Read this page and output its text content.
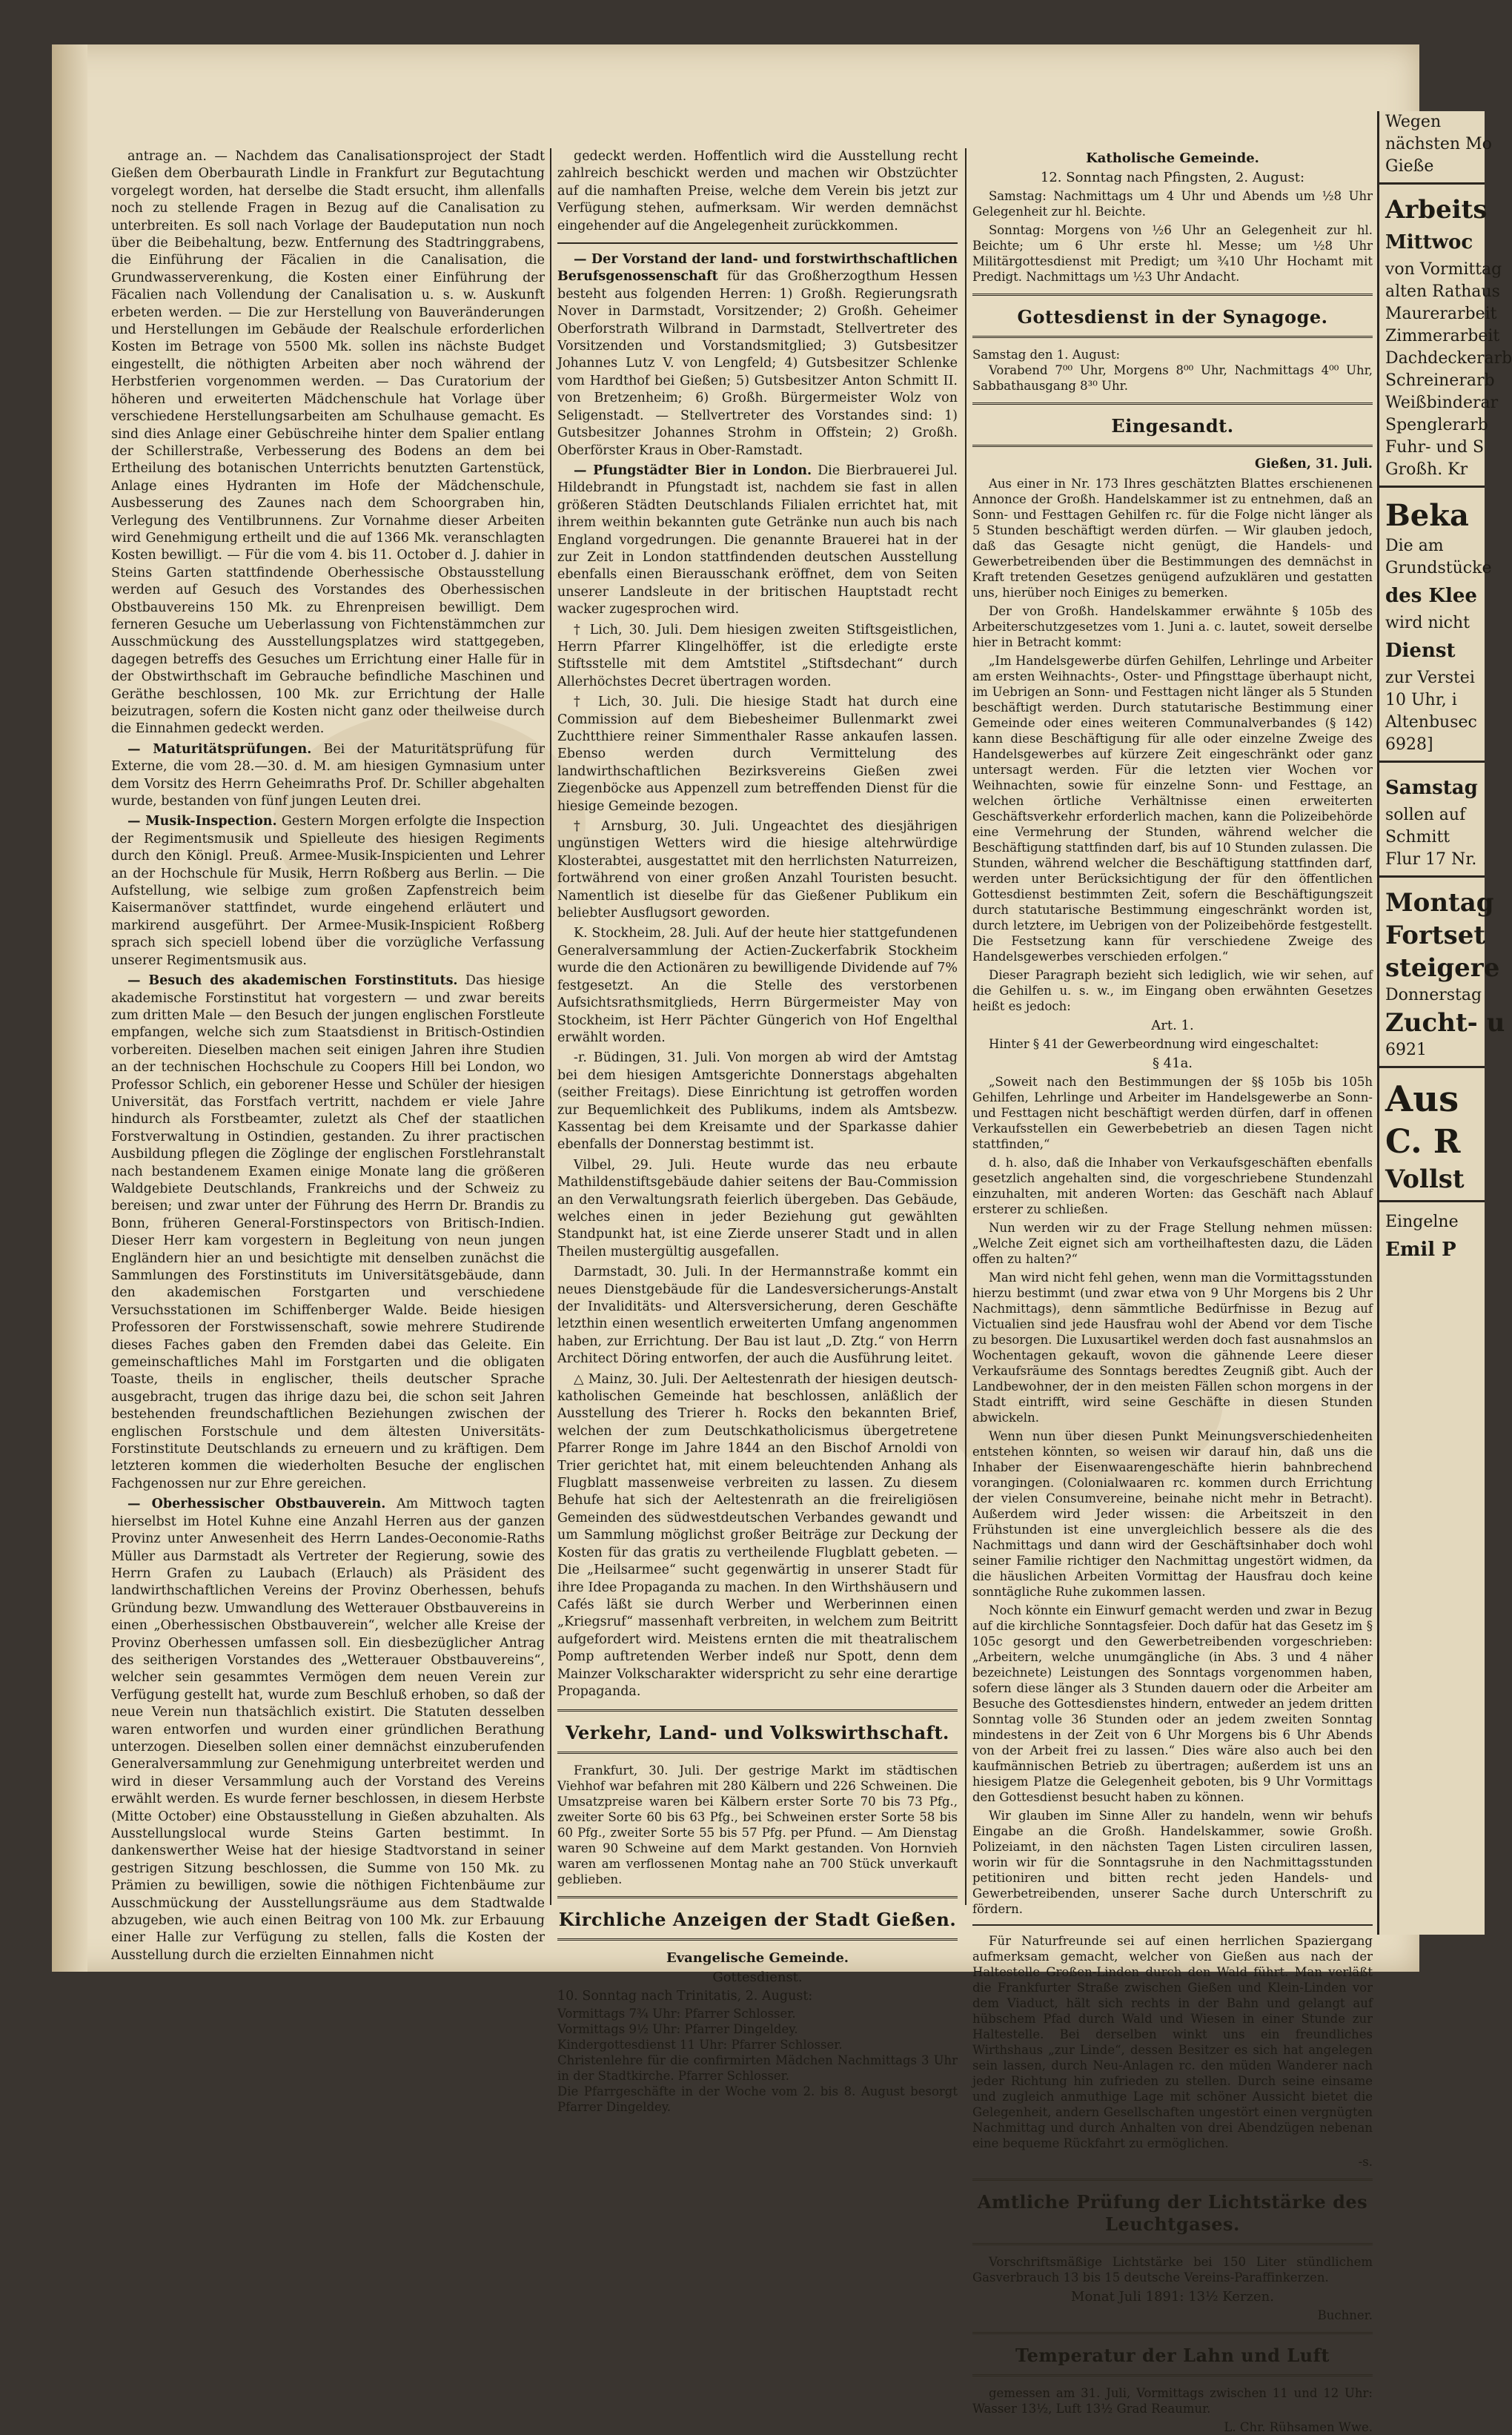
antrage an. — Nachdem das Canalisationsproject der Stadt Gießen dem Oberbaurath Lindle in Frankfurt zur Begutachtung vorgelegt worden, hat derselbe die Stadt ersucht, ihm allenfalls noch zu stellende Fragen in Bezug auf die Canalisation zu unterbreiten. Es soll nach Vorlage der Baudeputation nun noch über die Beibehaltung, bezw. Entfernung des Stadtringgrabens, die Einführung der Fäcalien in die Canalisation, die Grundwasserverenkung, die Kosten einer Einführung der Fäcalien nach Vollendung der Canalisation u. s. w. Auskunft erbeten werden. — Die zur Herstellung von Bauveränderungen und Herstellungen im Gebäude der Realschule erforderlichen Kosten im Betrage von 5500 Mk. sollen ins nächste Budget eingestellt, die nöthigten Arbeiten aber noch während der Herbstferien vorgenommen werden. — Das Curatorium der höheren und erweiterten Mädchenschule hat Vorlage über verschiedene Herstellungsarbeiten am Schulhause gemacht. Es sind dies Anlage einer Gebüschreihe hinter dem Spalier entlang der Schillerstraße, Verbesserung des Bodens an dem bei Ertheilung des botanischen Unterrichts benutzten Gartenstück, Anlage eines Hydranten im Hofe der Mädchenschule, Ausbesserung des Zaunes nach dem Schoorgraben hin, Verlegung des Ventilbrunnens. Zur Vornahme dieser Arbeiten wird Genehmigung ertheilt und die auf 1366 Mk. veranschlagten Kosten bewilligt. — Für die vom 4. bis 11. October d. J. dahier in Steins Garten stattfindende Oberhessische Obstausstellung werden auf Gesuch des Vorstandes des Oberhessischen Obstbauvereins 150 Mk. zu Ehrenpreisen bewilligt. Dem ferneren Gesuche um Ueberlassung von Fichtenstämmchen zur Ausschmückung des Ausstellungsplatzes wird stattgegeben, dagegen betreffs des Gesuches um Errichtung einer Halle für in der Obstwirthschaft im Gebrauche befindliche Maschinen und Geräthe beschlossen, 100 Mk. zur Errichtung der Halle beizutragen, sofern die Kosten nicht ganz oder theilweise durch die Einnahmen gedeckt werden.

— Maturitätsprüfungen. Bei der Maturitätsprüfung für Externe, die vom 28.—30. d. M. am hiesigen Gymnasium unter dem Vorsitz des Herrn Geheimraths Prof. Dr. Schiller abgehalten wurde, bestanden von fünf jungen Leuten drei.

— Musik-Inspection. Gestern Morgen erfolgte die Inspection der Regimentsmusik und Spielleute des hiesigen Regiments durch den Königl. Preuß. Armee-Musik-Inspicienten und Lehrer an der Hochschule für Musik, Herrn Roßberg aus Berlin. — Die Aufstellung, wie selbige zum großen Zapfenstreich beim Kaisermanöver stattfindet, wurde eingehend erläutert und markirend ausgeführt. Der Armee-Musik-Inspicient Roßberg sprach sich speciell lobend über die vorzügliche Verfassung unserer Regimentsmusik aus.

— Besuch des akademischen Forstinstituts. Das hiesige akademische Forstinstitut hat vorgestern — und zwar bereits zum dritten Male — den Besuch der jungen englischen Forstleute empfangen, welche sich zum Staatsdienst in Britisch-Ostindien vorbereiten. Dieselben machen seit einigen Jahren ihre Studien an der technischen Hochschule zu Coopers Hill bei London, wo Professor Schlich, ein geborener Hesse und Schüler der hiesigen Universität, das Forstfach vertritt, nachdem er viele Jahre hindurch als Forstbeamter, zuletzt als Chef der staatlichen Forstverwaltung in Ostindien, gestanden. Zu ihrer practischen Ausbildung pflegen die Zöglinge der englischen Forstlehranstalt nach bestandenem Examen einige Monate lang die größeren Waldgebiete Deutschlands, Frankreichs und der Schweiz zu bereisen; und zwar unter der Führung des Herrn Dr. Brandis zu Bonn, früheren General-Forstinspectors von Britisch-Indien. Dieser Herr kam vorgestern in Begleitung von neun jungen Engländern hier an und besichtigte mit denselben zunächst die Sammlungen des Forstinstituts im Universitätsgebäude, dann den akademischen Forstgarten und verschiedene Versuchsstationen im Schiffenberger Walde. Beide hiesigen Professoren der Forstwissenschaft, sowie mehrere Studirende dieses Faches gaben den Fremden dabei das Geleite. Ein gemeinschaftliches Mahl im Forstgarten und die obligaten Toaste, theils in englischer, theils deutscher Sprache ausgebracht, trugen das ihrige dazu bei, die schon seit Jahren bestehenden freundschaftlichen Beziehungen zwischen der englischen Forstschule und dem ältesten Universitäts-Forstinstitute Deutschlands zu erneuern und zu kräftigen. Dem letzteren kommen die wiederholten Besuche der englischen Fachgenossen nur zur Ehre gereichen.

— Oberhessischer Obstbauverein. Am Mittwoch tagten hierselbst im Hotel Kuhne eine Anzahl Herren aus der ganzen Provinz unter Anwesenheit des Herrn Landes-Oeconomie-Raths Müller aus Darmstadt als Vertreter der Regierung, sowie des Herrn Grafen zu Laubach (Erlauch) als Präsident des landwirthschaftlichen Vereins der Provinz Oberhessen, behufs Gründung bezw. Umwandlung des Wetterauer Obstbauvereins in einen „Oberhessischen Obstbauverein“, welcher alle Kreise der Provinz Oberhessen umfassen soll. Ein diesbezüglicher Antrag des seitherigen Vorstandes des „Wetterauer Obstbauvereins“, welcher sein gesammtes Vermögen dem neuen Verein zur Verfügung gestellt hat, wurde zum Beschluß erhoben, so daß der neue Verein nun thatsächlich existirt. Die Statuten desselben waren entworfen und wurden einer gründlichen Berathung unterzogen. Dieselben sollen einer demnächst einzuberufenden Generalversammlung zur Genehmigung unterbreitet werden und wird in dieser Versammlung auch der Vorstand des Vereins erwählt werden. Es wurde ferner beschlossen, in diesem Herbste (Mitte October) eine Obstausstellung in Gießen abzuhalten. Als Ausstellungslocal wurde Steins Garten bestimmt. In dankenswerther Weise hat der hiesige Stadtvorstand in seiner gestrigen Sitzung beschlossen, die Summe von 150 Mk. zu Prämien zu bewilligen, sowie die nöthigen Fichtenbäume zur Ausschmückung der Ausstellungsräume aus dem Stadtwalde abzugeben, wie auch einen Beitrag von 100 Mk. zur Erbauung einer Halle zur Verfügung zu stellen, falls die Kosten der Ausstellung durch die erzielten Einnahmen nicht

gedeckt werden. Hoffentlich wird die Ausstellung recht zahlreich beschickt werden und machen wir Obstzüchter auf die namhaften Preise, welche dem Verein bis jetzt zur Verfügung stehen, aufmerksam. Wir werden demnächst eingehender auf die Angelegenheit zurückkommen.

— Der Vorstand der land- und forstwirthschaftlichen Berufsgenossenschaft für das Großherzogthum Hessen besteht aus folgenden Herren: 1) Großh. Regierungsrath Nover in Darmstadt, Vorsitzender; 2) Großh. Geheimer Oberforstrath Wilbrand in Darmstadt, Stellvertreter des Vorsitzenden und Vorstandsmitglied; 3) Gutsbesitzer Johannes Lutz V. von Lengfeld; 4) Gutsbesitzer Schlenke vom Hardthof bei Gießen; 5) Gutsbesitzer Anton Schmitt II. von Bretzenheim; 6) Großh. Bürgermeister Wolz von Seligenstadt. — Stellvertreter des Vorstandes sind: 1) Gutsbesitzer Johannes Strohm in Offstein; 2) Großh. Oberförster Kraus in Ober-Ramstadt.

— Pfungstädter Bier in London. Die Bierbrauerei Jul. Hildebrandt in Pfungstadt ist, nachdem sie fast in allen größeren Städten Deutschlands Filialen errichtet hat, mit ihrem weithin bekannten gute Getränke nun auch bis nach England vorgedrungen. Die genannte Brauerei hat in der zur Zeit in London stattfindenden deutschen Ausstellung ebenfalls einen Bierausschank eröffnet, dem von Seiten unserer Landsleute in der britischen Hauptstadt recht wacker zugesprochen wird.

† Lich, 30. Juli. Dem hiesigen zweiten Stiftsgeistlichen, Herrn Pfarrer Klingelhöffer, ist die erledigte erste Stiftsstelle mit dem Amtstitel „Stiftsdechant“ durch Allerhöchstes Decret übertragen worden.

† Lich, 30. Juli. Die hiesige Stadt hat durch eine Commission auf dem Biebesheimer Bullenmarkt zwei Zuchtthiere reiner Simmenthaler Rasse ankaufen lassen. Ebenso werden durch Vermittelung des landwirthschaftlichen Bezirksvereins Gießen zwei Ziegenböcke aus Appenzell zum betreffenden Dienst für die hiesige Gemeinde bezogen.

† Arnsburg, 30. Juli. Ungeachtet des diesjährigen ungünstigen Wetters wird die hiesige altehrwürdige Klosterabtei, ausgestattet mit den herrlichsten Naturreizen, fortwährend von einer großen Anzahl Touristen besucht. Namentlich ist dieselbe für das Gießener Publikum ein beliebter Ausflugsort geworden.

K. Stockheim, 28. Juli. Auf der heute hier stattgefundenen Generalversammlung der Actien-Zuckerfabrik Stockheim wurde die den Actionären zu bewilligende Dividende auf 7% festgesetzt. An die Stelle des verstorbenen Aufsichtsrathsmitglieds, Herrn Bürgermeister May von Stockheim, ist Herr Pächter Güngerich von Hof Engelthal erwählt worden.

-r. Büdingen, 31. Juli. Von morgen ab wird der Amtstag bei dem hiesigen Amtsgerichte Donnerstags abgehalten (seither Freitags). Diese Einrichtung ist getroffen worden zur Bequemlichkeit des Publikums, indem als Amtsbezw. Kassentag bei dem Kreisamte und der Sparkasse dahier ebenfalls der Donnerstag bestimmt ist.

Vilbel, 29. Juli. Heute wurde das neu erbaute Mathildenstiftsgebäude dahier seitens der Bau-Commission an den Verwaltungsrath feierlich übergeben. Das Gebäude, welches einen in jeder Beziehung gut gewählten Standpunkt hat, ist eine Zierde unserer Stadt und in allen Theilen mustergültig ausgefallen.

Darmstadt, 30. Juli. In der Hermannstraße kommt ein neues Dienstgebäude für die Landesversicherungs-Anstalt der Invaliditäts- und Altersversicherung, deren Geschäfte letzthin einen wesentlich erweiterten Umfang angenommen haben, zur Errichtung. Der Bau ist laut „D. Ztg.“ von Herrn Architect Döring entworfen, der auch die Ausführung leitet.

△ Mainz, 30. Juli. Der Aeltestenrath der hiesigen deutsch-katholischen Gemeinde hat beschlossen, anläßlich der Ausstellung des Trierer h. Rocks den bekannten Brief, welchen der zum Deutschkatholicismus übergetretene Pfarrer Ronge im Jahre 1844 an den Bischof Arnoldi von Trier gerichtet hat, mit einem beleuchtenden Anhang als Flugblatt massenweise verbreiten zu lassen. Zu diesem Behufe hat sich der Aeltestenrath an die freireligiösen Gemeinden des südwestdeutschen Verbandes gewandt und um Sammlung möglichst großer Beiträge zur Deckung der Kosten für das gratis zu vertheilende Flugblatt gebeten. — Die „Heilsarmee“ sucht gegenwärtig in unserer Stadt für ihre Idee Propaganda zu machen. In den Wirthshäusern und Cafés läßt sie durch Werber und Werberinnen einen „Kriegsruf“ massenhaft verbreiten, in welchem zum Beitritt aufgefordert wird. Meistens ernten die mit theatralischem Pomp auftretenden Werber indeß nur Spott, denn dem Mainzer Volkscharakter widerspricht zu sehr eine derartige Propaganda.

Verkehr, Land- und Volkswirthschaft.

Frankfurt, 30. Juli. Der gestrige Markt im städtischen Viehhof war befahren mit 280 Kälbern und 226 Schweinen. Die Umsatzpreise waren bei Kälbern erster Sorte 70 bis 73 Pfg., zweiter Sorte 60 bis 63 Pfg., bei Schweinen erster Sorte 58 bis 60 Pfg., zweiter Sorte 55 bis 57 Pfg. per Pfund. — Am Dienstag waren 90 Schweine auf dem Markt gestanden. Von Hornvieh waren am verflossenen Montag nahe an 700 Stück unverkauft geblieben.

Kirchliche Anzeigen der Stadt Gießen.
Evangelische Gemeinde.
Gottesdienst.

10. Sonntag nach Trinitatis, 2. August:

Vormittags 7¾ Uhr: Pfarrer Schlosser.

Vormittags 9½ Uhr: Pfarrer Dingeldey.

Kindergottesdienst 11 Uhr: Pfarrer Schlosser.

Christenlehre für die confirmirten Mädchen Nachmittags 3 Uhr in der Stadtkirche. Pfarrer Schlosser.

Die Pfarrgeschäfte in der Woche vom 2. bis 8. August besorgt Pfarrer Dingeldey.

Katholische Gemeinde.
12. Sonntag nach Pfingsten, 2. August:

Samstag: Nachmittags um 4 Uhr und Abends um ½8 Uhr Gelegenheit zur hl. Beichte.

Sonntag: Morgens von ½6 Uhr an Gelegenheit zur hl. Beichte; um 6 Uhr erste hl. Messe; um ½8 Uhr Militärgottesdienst mit Predigt; um ¾10 Uhr Hochamt mit Predigt. Nachmittags um ½3 Uhr Andacht.

Gottesdienst in der Synagoge.

Samstag den 1. August:

Vorabend 7⁰⁰ Uhr, Morgens 8⁰⁰ Uhr, Nachmittags 4⁰⁰ Uhr, Sabbathausgang 8³⁰ Uhr.

Eingesandt.

Gießen, 31. Juli.

Aus einer in Nr. 173 Ihres geschätzten Blattes erschienenen Annonce der Großh. Handelskammer ist zu entnehmen, daß an Sonn- und Festtagen Gehilfen rc. für die Folge nicht länger als 5 Stunden beschäftigt werden dürfen. — Wir glauben jedoch, daß das Gesagte nicht genügt, die Handels- und Gewerbetreibenden über die Bestimmungen des demnächst in Kraft tretenden Gesetzes genügend aufzuklären und gestatten uns, hierüber noch Einiges zu bemerken.

Der von Großh. Handelskammer erwähnte § 105b des Arbeiterschutzgesetzes vom 1. Juni a. c. lautet, soweit derselbe hier in Betracht kommt:

„Im Handelsgewerbe dürfen Gehilfen, Lehrlinge und Arbeiter am ersten Weihnachts-, Oster- und Pfingsttage überhaupt nicht, im Uebrigen an Sonn- und Festtagen nicht länger als 5 Stunden beschäftigt werden. Durch statutarische Bestimmung einer Gemeinde oder eines weiteren Communalverbandes (§ 142) kann diese Beschäftigung für alle oder einzelne Zweige des Handelsgewerbes auf kürzere Zeit eingeschränkt oder ganz untersagt werden. Für die letzten vier Wochen vor Weihnachten, sowie für einzelne Sonn- und Festtage, an welchen örtliche Verhältnisse einen erweiterten Geschäftsverkehr erforderlich machen, kann die Polizeibehörde eine Vermehrung der Stunden, während welcher die Beschäftigung stattfinden darf, bis auf 10 Stunden zulassen. Die Stunden, während welcher die Beschäftigung stattfinden darf, werden unter Berücksichtigung der für den öffentlichen Gottesdienst bestimmten Zeit, sofern die Beschäftigungszeit durch statutarische Bestimmung eingeschränkt worden ist, durch letztere, im Uebrigen von der Polizeibehörde festgestellt. Die Festsetzung kann für verschiedene Zweige des Handelsgewerbes verschieden erfolgen.“

Dieser Paragraph bezieht sich lediglich, wie wir sehen, auf die Gehilfen u. s. w., im Eingang oben erwähnten Gesetzes heißt es jedoch:

Art. 1.

Hinter § 41 der Gewerbeordnung wird eingeschaltet:

§ 41a.

„Soweit nach den Bestimmungen der §§ 105b bis 105h Gehilfen, Lehrlinge und Arbeiter im Handelsgewerbe an Sonn- und Festtagen nicht beschäftigt werden dürfen, darf in offenen Verkaufsstellen ein Gewerbebetrieb an diesen Tagen nicht stattfinden,“

d. h. also, daß die Inhaber von Verkaufsgeschäften ebenfalls gesetzlich angehalten sind, die vorgeschriebene Stundenzahl einzuhalten, mit anderen Worten: das Geschäft nach Ablauf ersterer zu schließen.

Nun werden wir zu der Frage Stellung nehmen müssen: „Welche Zeit eignet sich am vortheilhaftesten dazu, die Läden offen zu halten?“

Man wird nicht fehl gehen, wenn man die Vormittagsstunden hierzu bestimmt (und zwar etwa von 9 Uhr Morgens bis 2 Uhr Nachmittags), denn sämmtliche Bedürfnisse in Bezug auf Victualien sind jede Hausfrau wohl der Abend vor dem Tische zu besorgen. Die Luxusartikel werden doch fast ausnahmslos an Wochentagen gekauft, wovon die gähnende Leere dieser Verkaufsräume des Sonntags beredtes Zeugniß gibt. Auch der Landbewohner, der in den meisten Fällen schon morgens in der Stadt eintrifft, wird seine Geschäfte in diesen Stunden abwickeln.

Wenn nun über diesen Punkt Meinungsverschiedenheiten entstehen könnten, so weisen wir darauf hin, daß uns die Inhaber der Eisenwaarengeschäfte hierin bahnbrechend vorangingen. (Colonialwaaren rc. kommen durch Errichtung der vielen Consumvereine, beinahe nicht mehr in Betracht). Außerdem wird Jeder wissen: die Arbeitszeit in den Frühstunden ist eine unvergleichlich bessere als die des Nachmittags und dann wird der Geschäftsinhaber doch wohl seiner Familie richtiger den Nachmittag ungestört widmen, da die häuslichen Arbeiten Vormittag der Hausfrau doch keine sonntägliche Ruhe zukommen lassen.

Noch könnte ein Einwurf gemacht werden und zwar in Bezug auf die kirchliche Sonntagsfeier. Doch dafür hat das Gesetz im § 105c gesorgt und den Gewerbetreibenden vorgeschrieben: „Arbeitern, welche unumgängliche (in Abs. 3 und 4 näher bezeichnete) Leistungen des Sonntags vorgenommen haben, sofern diese länger als 3 Stunden dauern oder die Arbeiter am Besuche des Gottesdienstes hindern, entweder an jedem dritten Sonntag volle 36 Stunden oder an jedem zweiten Sonntag mindestens in der Zeit von 6 Uhr Morgens bis 6 Uhr Abends von der Arbeit frei zu lassen.“ Dies wäre also auch bei den kaufmännischen Betrieb zu übertragen; außerdem ist uns an hiesigem Platze die Gelegenheit geboten, bis 9 Uhr Vormittags den Gottesdienst besucht haben zu können.

Wir glauben im Sinne Aller zu handeln, wenn wir behufs Eingabe an die Großh. Handelskammer, sowie Großh. Polizeiamt, in den nächsten Tagen Listen circuliren lassen, worin wir für die Sonntagsruhe in den Nachmittagsstunden petitioniren und bitten recht jeden Handels- und Gewerbetreibenden, unserer Sache durch Unterschrift zu fördern.

Für Naturfreunde sei auf einen herrlichen Spaziergang aufmerksam gemacht, welcher von Gießen aus nach der Haltestelle Großen-Linden durch den Wald führt. Man verläßt die Frankfurter Straße zwischen Gießen und Klein-Linden vor dem Viaduct, hält sich rechts in der Bahn und gelangt auf hübschem Pfad durch Wald und Wiesen in einer Stunde zur Haltestelle. Bei derselben winkt uns ein freundliches Wirthshaus „zur Linde“, dessen Besitzer es sich hat angelegen sein lassen, durch Neu-Anlagen rc. den müden Wanderer nach jeder Richtung hin zufrieden zu stellen. Durch seine einsame und zugleich anmuthige Lage mit schöner Aussicht bietet die Gelegenheit, andern Gesellschaften ungestört einen vergnügten Nachmittag und durch Anhalten von drei Abendzügen nebenan eine bequeme Rückfahrt zu ermöglichen.

-s.

Amtliche Prüfung der Lichtstärke des Leuchtgases.

Vorschriftsmäßige Lichtstärke bei 150 Liter stündlichem Gasverbrauch 13 bis 15 deutsche Vereins-Paraffinkerzen.

Monat Juli 1891: 13½ Kerzen.

Buchner.

Temperatur der Lahn und Luft

gemessen am 31. Juli, Vormittags zwischen 11 und 12 Uhr: Wasser 13½, Luft 13½ Grad Reaumur.

L. Chr. Rühsamen Wwe.

Wegen
nächsten Mo
Gieße
Arbeits
Mittwoc
von Vormittag
alten Rathaus
Maurerarbeit
Zimmerarbeit
Dachdeckerarb
Schreinerarb
Weißbinderar
Spenglerarb
Fuhr- und S
Großh. Kr
Beka
Die am
Grundstücke
des Klee
wird nicht
Dienst
zur Verstei
10 Uhr, i
Altenbusec
6928]
Samstag
sollen auf
Schmitt
Flur 17 Nr.
Montag
Fortset
steigere
Donnerstag
Zucht- u
6921
Aus
C. R
Vollst
Eingelne
Emil P
